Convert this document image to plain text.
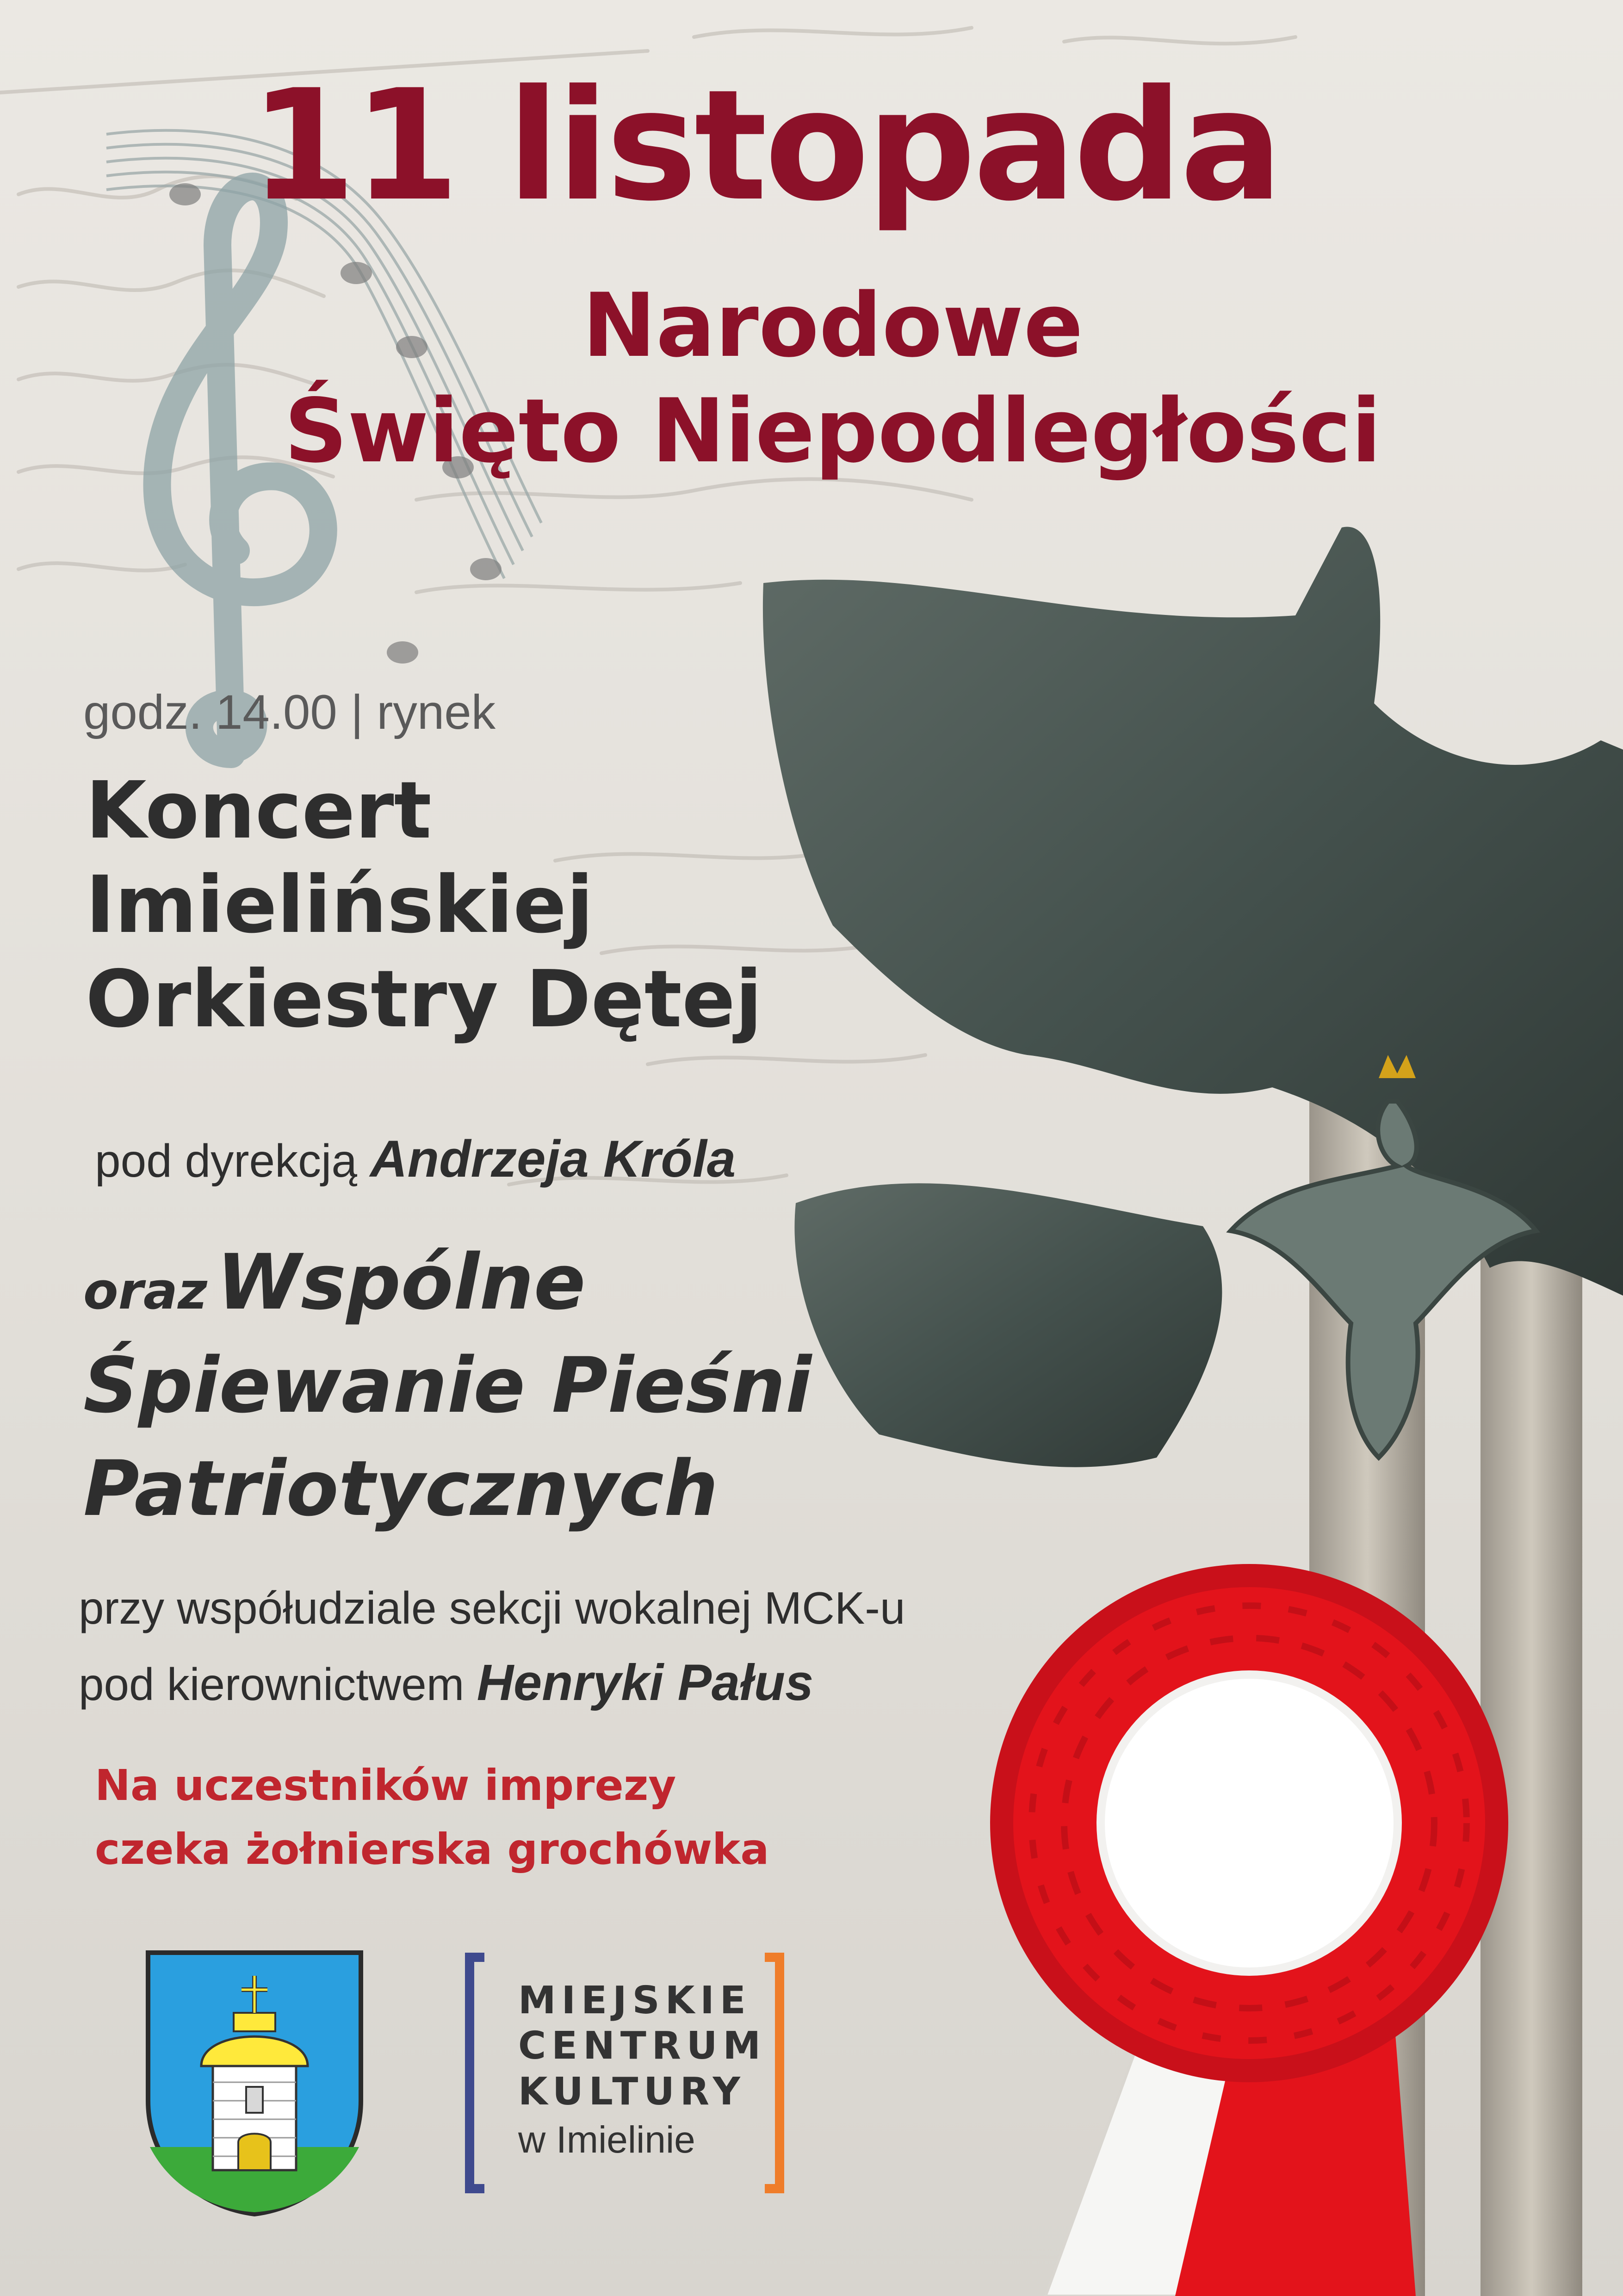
11 listopada
Narodowe
Święto Niepodległości
godz. 14.00 | rynek
Koncert
Imielińskiej
Orkiestry Dętej
pod dyrekcją Andrzeja Króla
oraz Wspólne
Śpiewanie Pieśni
Patriotycznych
przy współudziale sekcji wokalnej MCK-u
pod kierownictwem Henryki Pałus
Na uczestników imprezy
czeka żołnierska grochówka
MIEJSKIE
CENTRUM
KULTURY
w Imielinie
